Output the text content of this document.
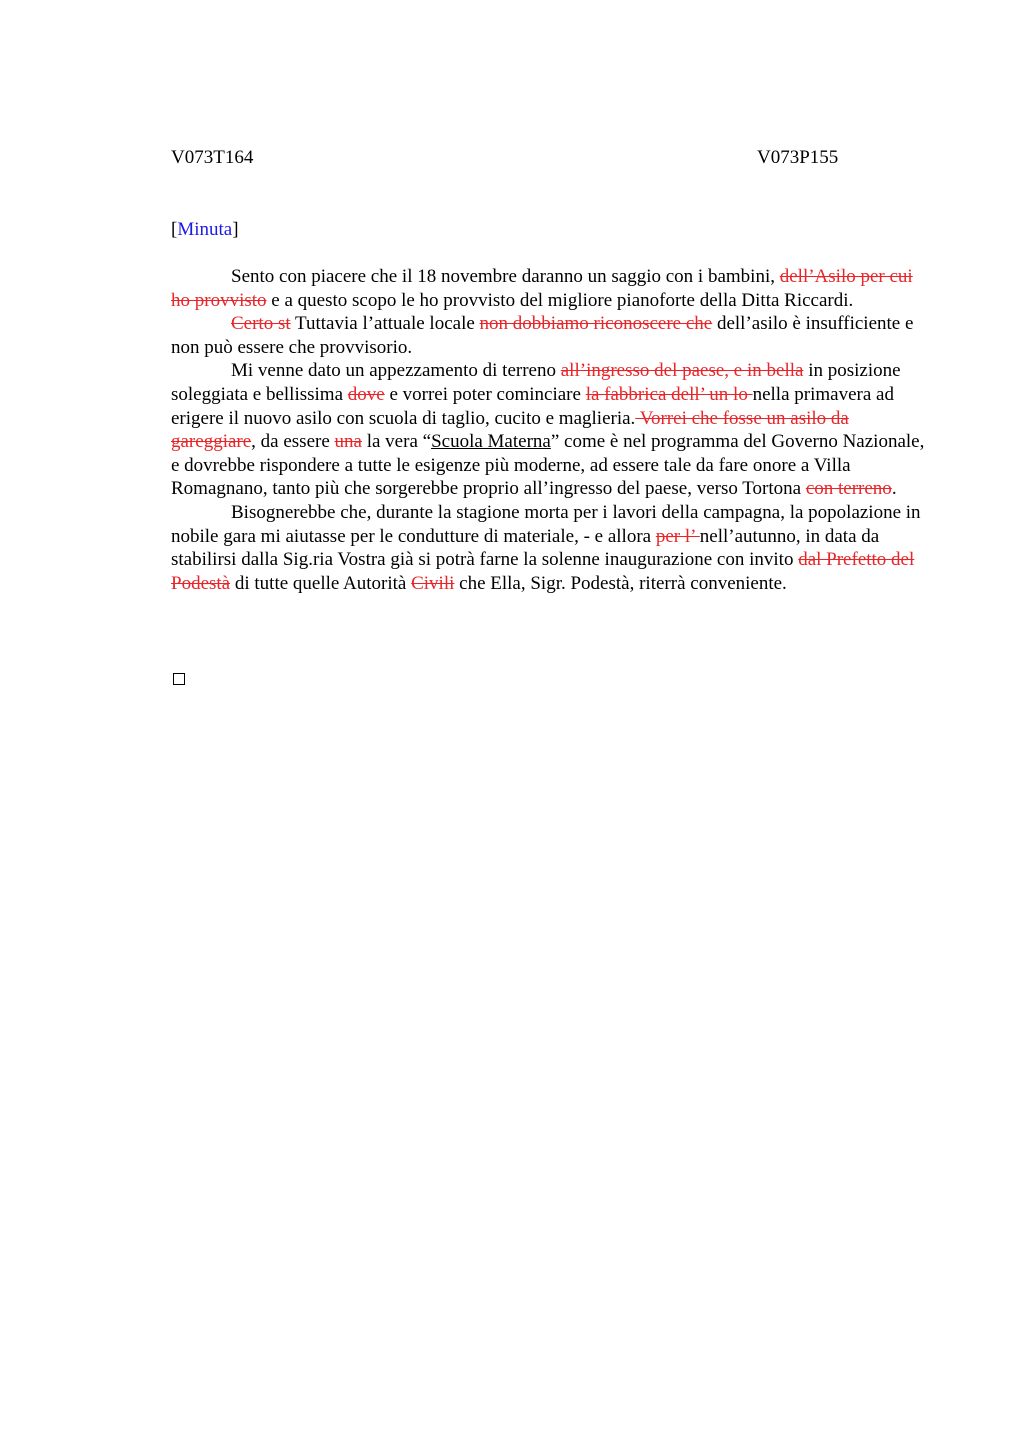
V073T164	V073P155
[Minuta]

Sento con piacere che il 18 novembre daranno un saggio con i bambini, dell’Asilo per cui ho provvisto e a questo scopo le ho provvisto del migliore pianoforte della Ditta Riccardi.

Certo st Tuttavia l’attuale locale non dobbiamo riconoscere che dell’asilo è insufficiente e non può essere che provvisorio.

Mi venne dato un appezzamento di terreno all’ingresso del paese, e in bella in posizione soleggiata e bellissima dove e vorrei poter cominciare la fabbrica dell’ un lo nella primavera ad erigere il nuovo asilo con scuola di taglio, cucito e maglieria. Vorrei che fosse un asilo da gareggiare, da essere una la vera “Scuola Materna” come è nel programma del Governo Nazionale, e dovrebbe rispondere a tutte le esigenze più moderne, ad essere tale da fare onore a Villa Romagnano, tanto più che sorgerebbe proprio all’ingresso del paese, verso Tortona con terreno.

Bisognerebbe che, durante la stagione morta per i lavori della campagna, la popolazione in nobile gara mi aiutasse per le condutture di materiale, - e allora per l’ nell’autunno, in data da stabilirsi dalla Sig.ria Vostra già si potrà farne la solenne inaugurazione con invito dal Prefetto del Podestà di tutte quelle Autorità Civili che Ella, Sigr. Podestà, riterrà conveniente.
